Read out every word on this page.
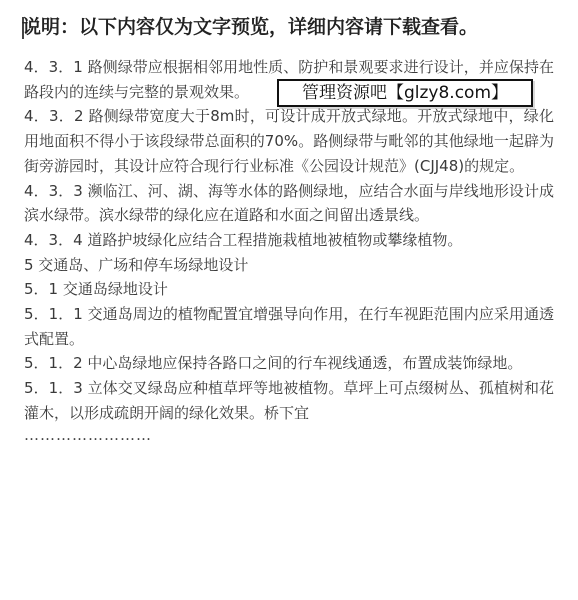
说明：以下内容仅为文字预览，详细内容请下载查看。

4．3．1 路侧绿带应根据相邻用地性质、防护和景观要求进行设计，并应保持在路段内的连续与完整的景观效果。

4．3．2 路侧绿带宽度大于8m时，可设计成开放式绿地。开放式绿地中，绿化用地面积不得小于该段绿带总面积的70%。路侧绿带与毗邻的其他绿地一起辟为街旁游园时，其设计应符合现行行业标准《公园设计规范》(CJJ48)的规定。

4．3．3 濒临江、河、湖、海等水体的路侧绿地，应结合水面与岸线地形设计成滨水绿带。滨水绿带的绿化应在道路和水面之间留出透景线。

4．3．4 道路护坡绿化应结合工程措施栽植地被植物或攀缘植物。

5 交通岛、广场和停车场绿地设计

5．1 交通岛绿地设计

5．1．1 交通岛周边的植物配置宜增强导向作用，在行车视距范围内应采用通透式配置。

5．1．2 中心岛绿地应保持各路口之间的行车视线通透，布置成装饰绿地。

5．1．3 立体交叉绿岛应种植草坪等地被植物。草坪上可点缀树丛、孤植树和花灌木，以形成疏朗开阔的绿化效果。桥下宜

……………………

管理资源吧【glzy8.com】
